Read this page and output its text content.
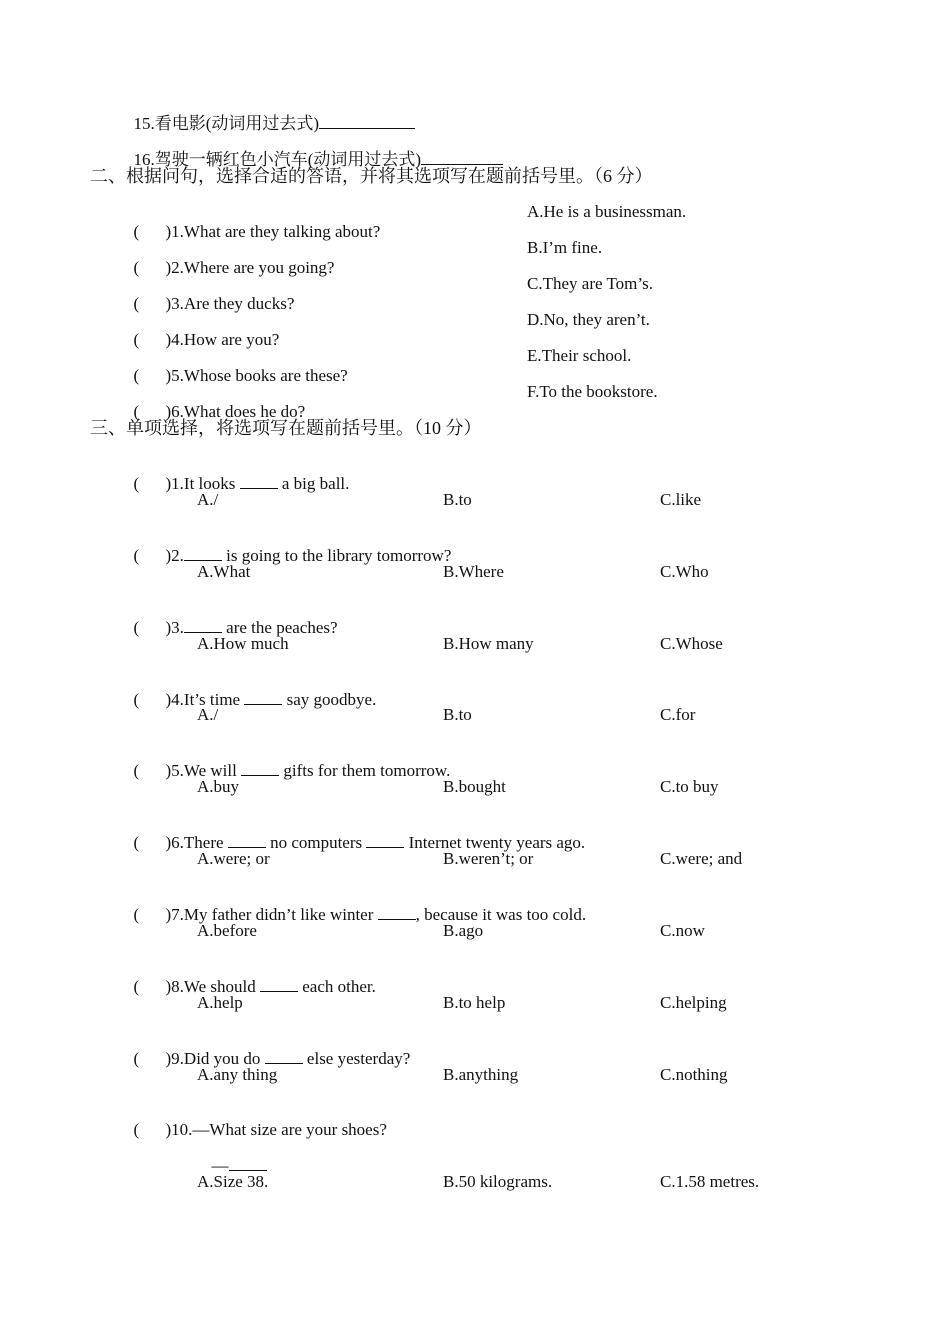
15.看电影(动词用过去式)

16.驾驶一辆红色小汽车(动词用过去式)

二、根据问句，选择合适的答语，并将其选项写在题前括号里。（6 分）

( )1.What are they talking about?

A.He is a businessman.

( )2.Where are you going?

B.I’m fine.

( )3.Are they ducks?

C.They are Tom’s.

( )4.How are you?

D.No, they aren’t.

( )5.Whose books are these?

E.Their school.

( )6.What does he do?

F.To the bookstore.
三、单项选择，将选项写在题前括号里。（10 分）

( )1.It looks  a big ball.

A./	B.to	C.like

( )2. is going to the library tomorrow?

A.What	B.Where	C.Who

( )3. are the peaches?

A.How much	B.How many	C.Whose

( )4.It’s time  say goodbye.

A./	B.to	C.for

( )5.We will  gifts for them tomorrow.

A.buy	B.bought	C.to buy

( )6.There  no computers  Internet twenty years ago.

A.were; or	B.weren’t; or	C.were; and

( )7.My father didn’t like winter , because it was too cold.

A.before	B.ago	C.now

( )8.We should  each other.

A.help	B.to help	C.helping

( )9.Did you do  else yesterday?

A.any thing	B.anything	C.nothing

( )10.—What size are your shoes?

—

A.Size 38.	B.50 kilograms.	C.1.58 metres.
